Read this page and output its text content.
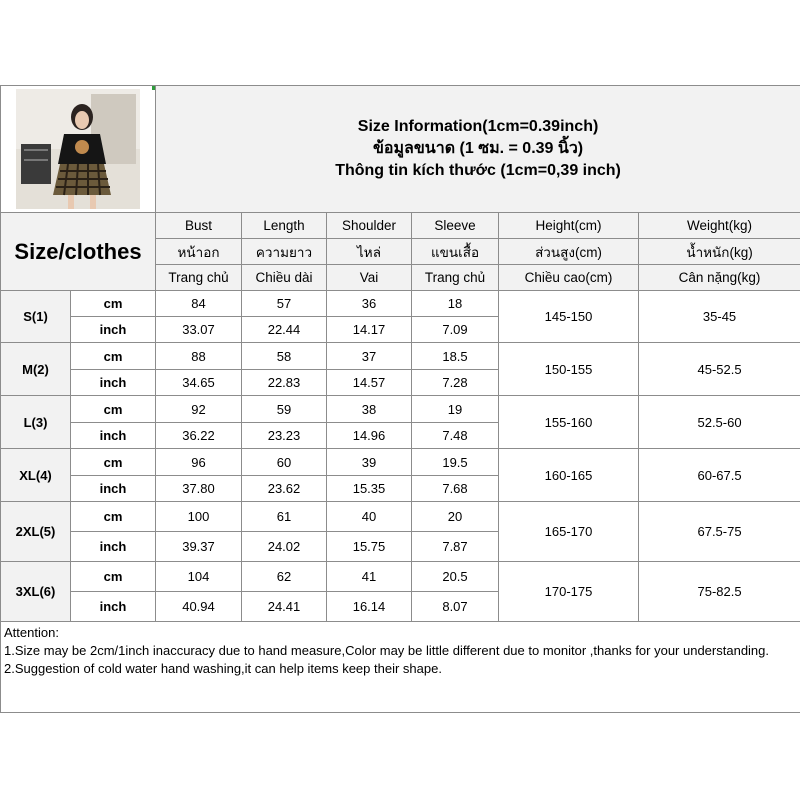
Size Information(1cm=0.39inch)
ข้อมูลขนาด (1 ซม. = 0.39 นิ้ว)
Thông tin kích thước (1cm=0,39 inch)					

Size/clothes		Bust	Length	Shoulder	Sleeve	Height(cm)	Weight(kg)
		หน้าอก	ความยาว	ไหล่	แขนเสื้อ	ส่วนสูง(cm)	น้ำหนัก(kg)
		Trang chủ	Chiều dài	Vai	Trang chủ	Chiều cao(cm)	Cân nặng(kg)
S(1)	cm	84	57	36	18	145-150	35-45
	inch	33.07	22.44	14.17	7.09		
M(2)	cm	88	58	37	18.5	150-155	45-52.5
	inch	34.65	22.83	14.57	7.28		
L(3)	cm	92	59	38	19	155-160	52.5-60
	inch	36.22	23.23	14.96	7.48		
XL(4)	cm	96	60	39	19.5	160-165	60-67.5
	inch	37.80	23.62	15.35	7.68		
2XL(5)	cm	100	61	40	20	165-170	67.5-75
	inch	39.37	24.02	15.75	7.87		
3XL(6)	cm	104	62	41	20.5	170-175	75-82.5
	inch	40.94	24.41	16.14	8.07		

Attention:
1.Size may be 2cm/1inch inaccuracy due to hand measure,Color may be little different due to monitor ,thanks for your understanding.
2.Suggestion of cold water hand washing,it can help items keep their shape.							
